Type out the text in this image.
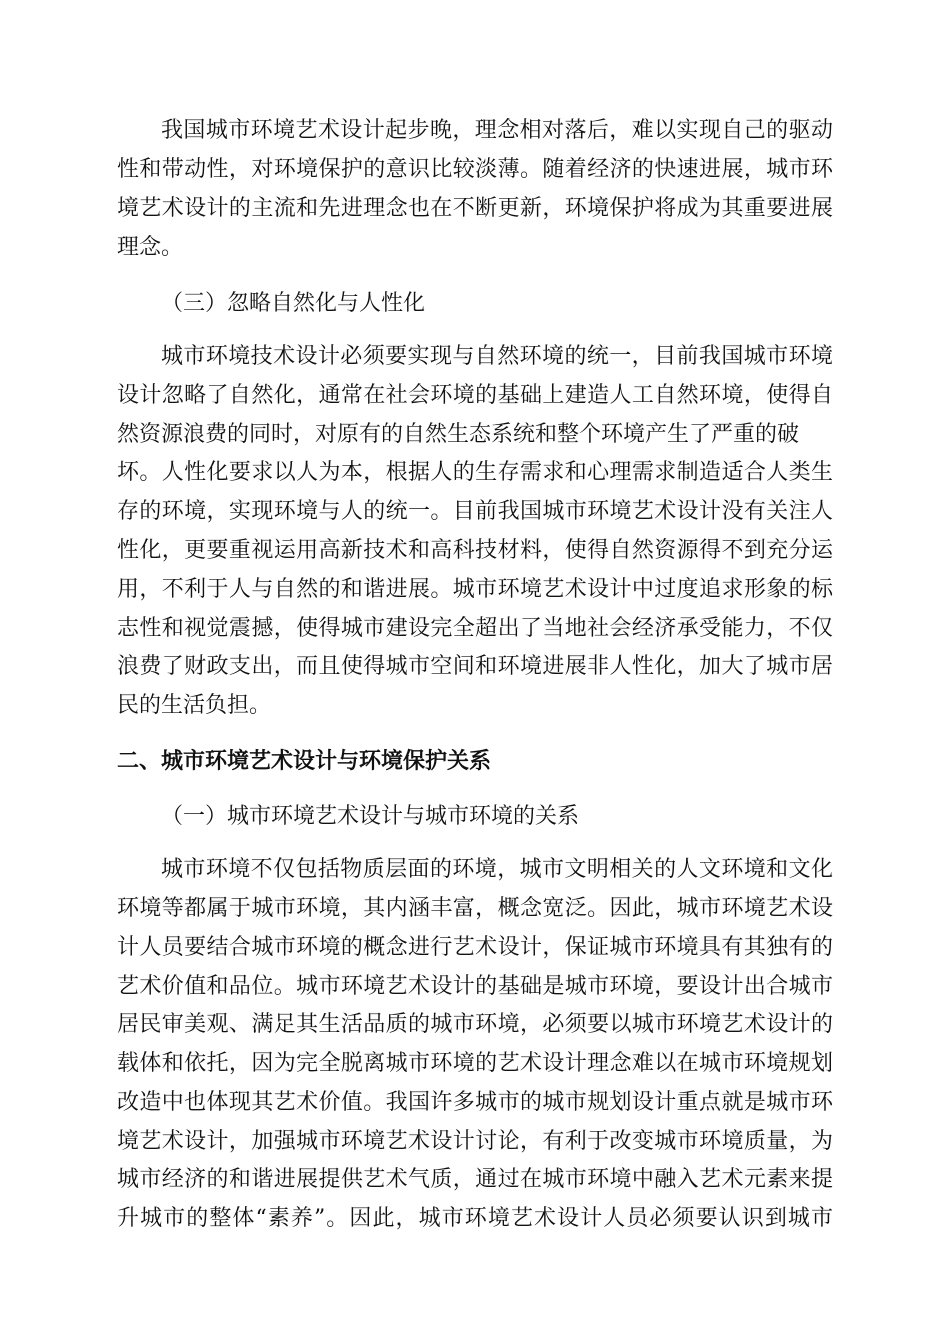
我国城市环境艺术设计起步晚，理念相对落后，难以实现自己的驱动
性和带动性，对环境保护的意识比较淡薄。随着经济的快速进展，城市环
境艺术设计的主流和先进理念也在不断更新，环境保护将成为其重要进展
理念。
（三）忽略自然化与人性化
城市环境技术设计必须要实现与自然环境的统一，目前我国城市环境
设计忽略了自然化，通常在社会环境的基础上建造人工自然环境，使得自
然资源浪费的同时，对原有的自然生态系统和整个环境产生了严重的破
坏。人性化要求以人为本，根据人的生存需求和心理需求制造适合人类生
存的环境，实现环境与人的统一。目前我国城市环境艺术设计没有关注人
性化，更要重视运用高新技术和高科技材料，使得自然资源得不到充分运
用，不利于人与自然的和谐进展。城市环境艺术设计中过度追求形象的标
志性和视觉震撼，使得城市建设完全超出了当地社会经济承受能力，不仅
浪费了财政支出，而且使得城市空间和环境进展非人性化，加大了城市居
民的生活负担。
二、城市环境艺术设计与环境保护关系
（一）城市环境艺术设计与城市环境的关系
城市环境不仅包括物质层面的环境，城市文明相关的人文环境和文化
环境等都属于城市环境，其内涵丰富，概念宽泛。因此，城市环境艺术设
计人员要结合城市环境的概念进行艺术设计，保证城市环境具有其独有的
艺术价值和品位。城市环境艺术设计的基础是城市环境，要设计出合城市
居民审美观、满足其生活品质的城市环境，必须要以城市环境艺术设计的
载体和依托，因为完全脱离城市环境的艺术设计理念难以在城市环境规划
改造中也体现其艺术价值。我国许多城市的城市规划设计重点就是城市环
境艺术设计，加强城市环境艺术设计讨论，有利于改变城市环境质量，为
城市经济的和谐进展提供艺术气质，通过在城市环境中融入艺术元素来提
升城市的整体“素养”。因此，城市环境艺术设计人员必须要认识到城市
